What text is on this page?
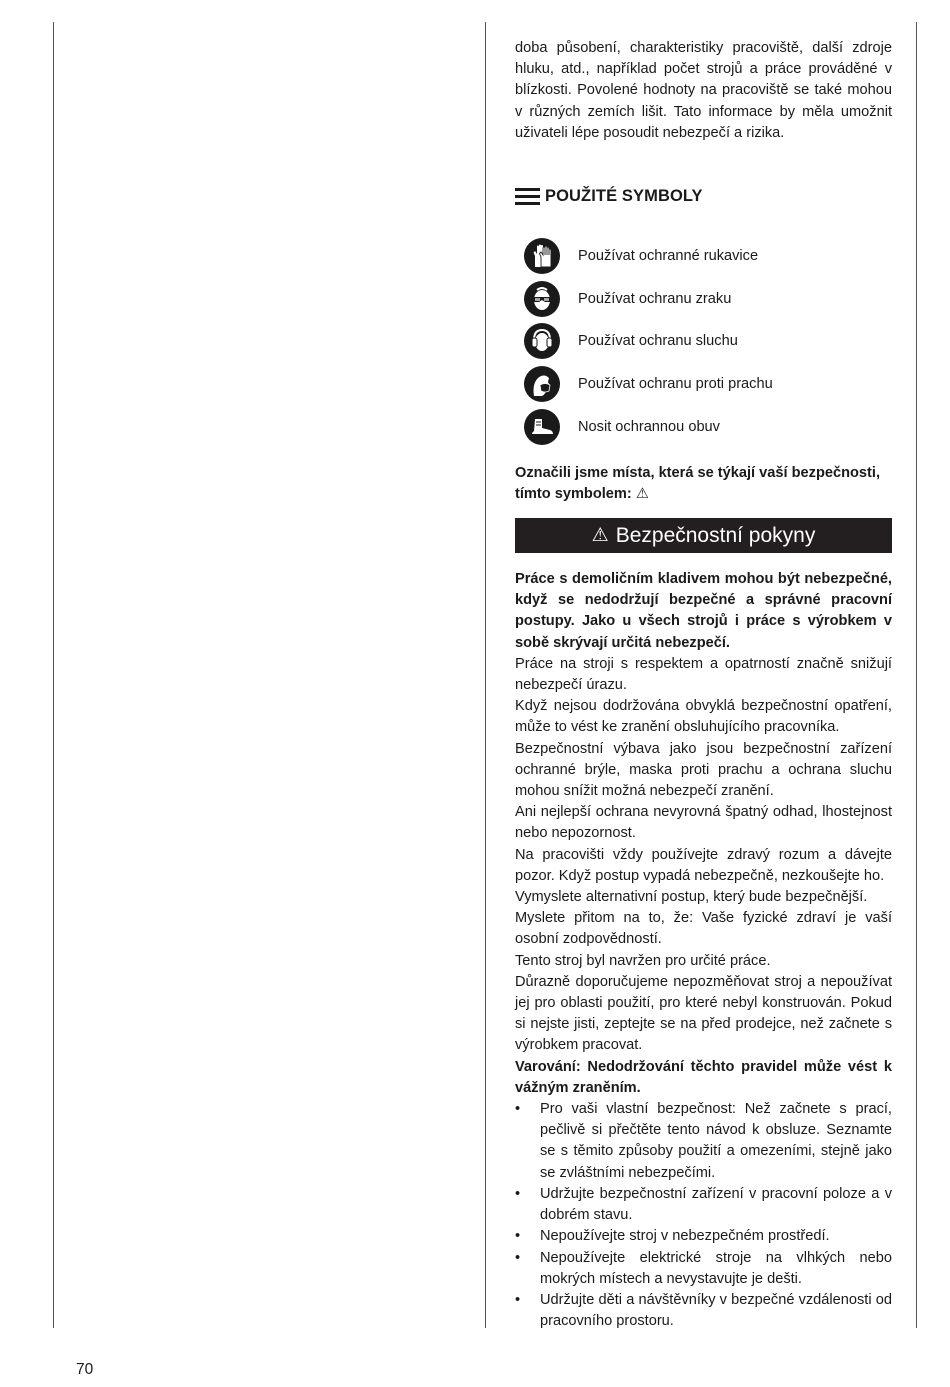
doba působení, charakteristiky pracoviště, další zdroje hluku, atd., například počet strojů a práce prováděné v blízkosti. Povolené hodnoty na pracoviště se také mohou v různých zemích lišit. Tato informace by měla umožnit uživateli lépe posoudit nebezpečí a rizika.

POUŽITÉ SYMBOLY
Používat ochranné rukavice
Používat ochranu zraku
Používat ochranu sluchu
Používat ochranu proti prachu
Nosit ochrannou obuv

Označili jsme místa, která se týkají vaší bezpečnosti, tímto symbolem: ⚠

⚠ Bezpečnostní pokyny
Práce s demoličním kladivem mohou být nebezpečné, když se nedodržují bezpečné a správné pracovní postupy. Jako u všech strojů i práce s výrobkem v sobě skrývají určitá nebezpečí.
Práce na stroji s respektem a opatrností značně snižují nebezpečí úrazu.
Když nejsou dodržována obvyklá bezpečnostní opatření, může to vést ke zranění obsluhujícího pracovníka.
Bezpečnostní výbava jako jsou bezpečnostní zařízení ochranné brýle, maska proti prachu a ochrana sluchu mohou snížit možná nebezpečí zranění.
Ani nejlepší ochrana nevyrovná špatný odhad, lhostejnost nebo nepozornost.
Na pracovišti vždy používejte zdravý rozum a dávejte pozor. Když postup vypadá nebezpečně, nezkoušejte ho.
Vymyslete alternativní postup, který bude bezpečnější.
Myslete přitom na to, že: Vaše fyzické zdraví je vaší osobní zodpovědností.
Tento stroj byl navržen pro určité práce.
Důrazně doporučujeme nepozměňovat stroj a nepoužívat jej pro oblasti použití, pro které nebyl konstruován. Pokud si nejste jisti, zeptejte se na před prodejce, než začnete s výrobkem pracovat.
Varování: Nedodržování těchto pravidel může vést k vážným zraněním.
• Pro vaši vlastní bezpečnost: Než začnete s prací, pečlivě si přečtěte tento návod k obsluze. Seznamte se s těmito způsoby použití a omezeními, stejně jako se zvláštními nebezpečími.
• Udržujte bezpečnostní zařízení v pracovní poloze a v dobrém stavu.
• Nepoužívejte stroj v nebezpečném prostředí.
• Nepoužívejte elektrické stroje na vlhkých nebo mokrých místech a nevystavujte je dešti.
• Udržujte děti a návštěvníky v bezpečné vzdálenosti od pracovního prostoru.
70
